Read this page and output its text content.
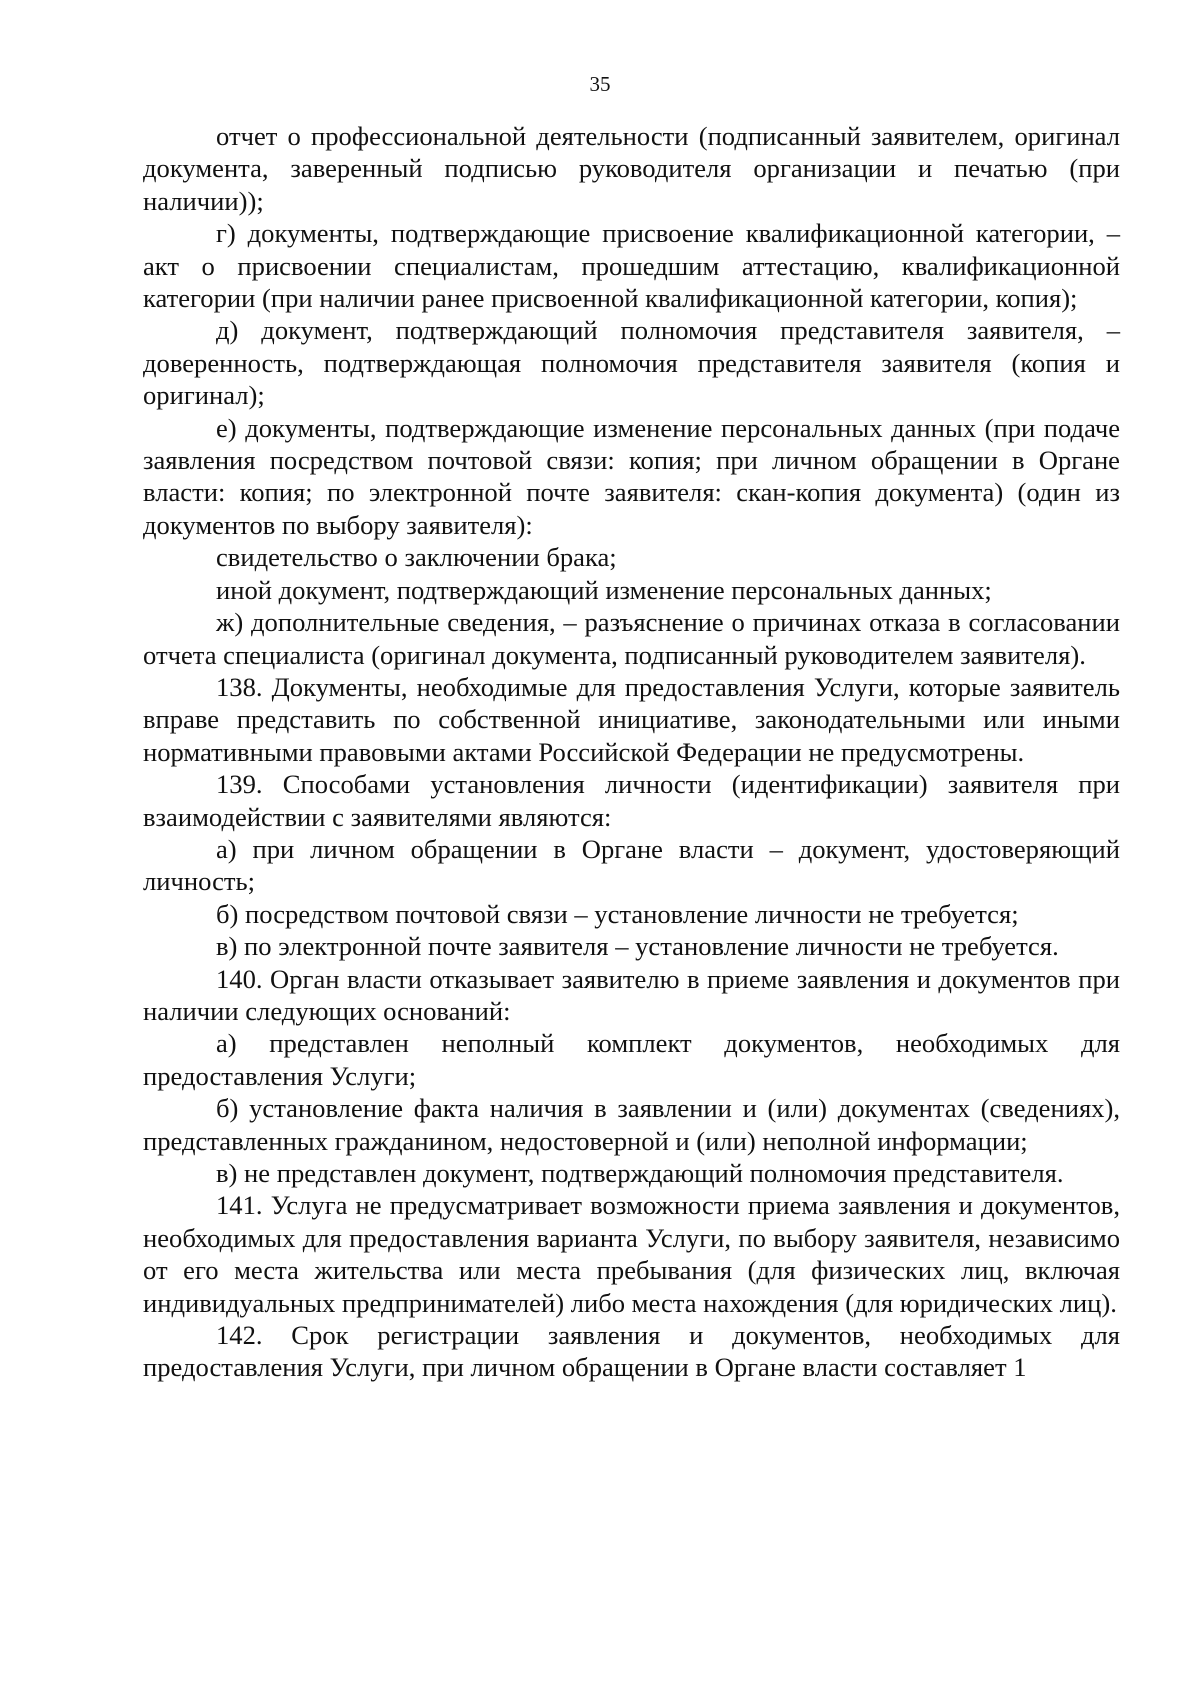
35

отчет о профессиональной деятельности (подписанный заявителем, оригинал документа, заверенный подписью руководителя организации и печатью (при наличии));

г) документы, подтверждающие присвоение квалификационной категории, – акт о присвоении специалистам, прошедшим аттестацию, квалификационной категории (при наличии ранее присвоенной квалификационной категории, копия);

д) документ, подтверждающий полномочия представителя заявителя, – доверенность, подтверждающая полномочия представителя заявителя (копия и оригинал);

е) документы, подтверждающие изменение персональных данных (при подаче заявления посредством почтовой связи: копия; при личном обращении в Органе власти: копия; по электронной почте заявителя: скан-копия документа) (один из документов по выбору заявителя):

свидетельство о заключении брака;

иной документ, подтверждающий изменение персональных данных;

ж) дополнительные сведения, – разъяснение о причинах отказа в согласовании отчета специалиста (оригинал документа, подписанный руководителем заявителя).

138. Документы, необходимые для предоставления Услуги, которые заявитель вправе представить по собственной инициативе, законодательными или иными нормативными правовыми актами Российской Федерации не предусмотрены.

139. Способами установления личности (идентификации) заявителя при взаимодействии с заявителями являются:

а) при личном обращении в Органе власти – документ, удостоверяющий личность;

б) посредством почтовой связи – установление личности не требуется;

в) по электронной почте заявителя – установление личности не требуется.

140. Орган власти отказывает заявителю в приеме заявления и документов при наличии следующих оснований:

а) представлен неполный комплект документов, необходимых для предоставления Услуги;

б) установление факта наличия в заявлении и (или) документах (сведениях), представленных гражданином, недостоверной и (или) неполной информации;

в) не представлен документ, подтверждающий полномочия представителя.

141. Услуга не предусматривает возможности приема заявления и документов, необходимых для предоставления варианта Услуги, по выбору заявителя, независимо от его места жительства или места пребывания (для физических лиц, включая индивидуальных предпринимателей) либо места нахождения (для юридических лиц).

142. Срок регистрации заявления и документов, необходимых для предоставления Услуги, при личном обращении в Органе власти составляет 1
